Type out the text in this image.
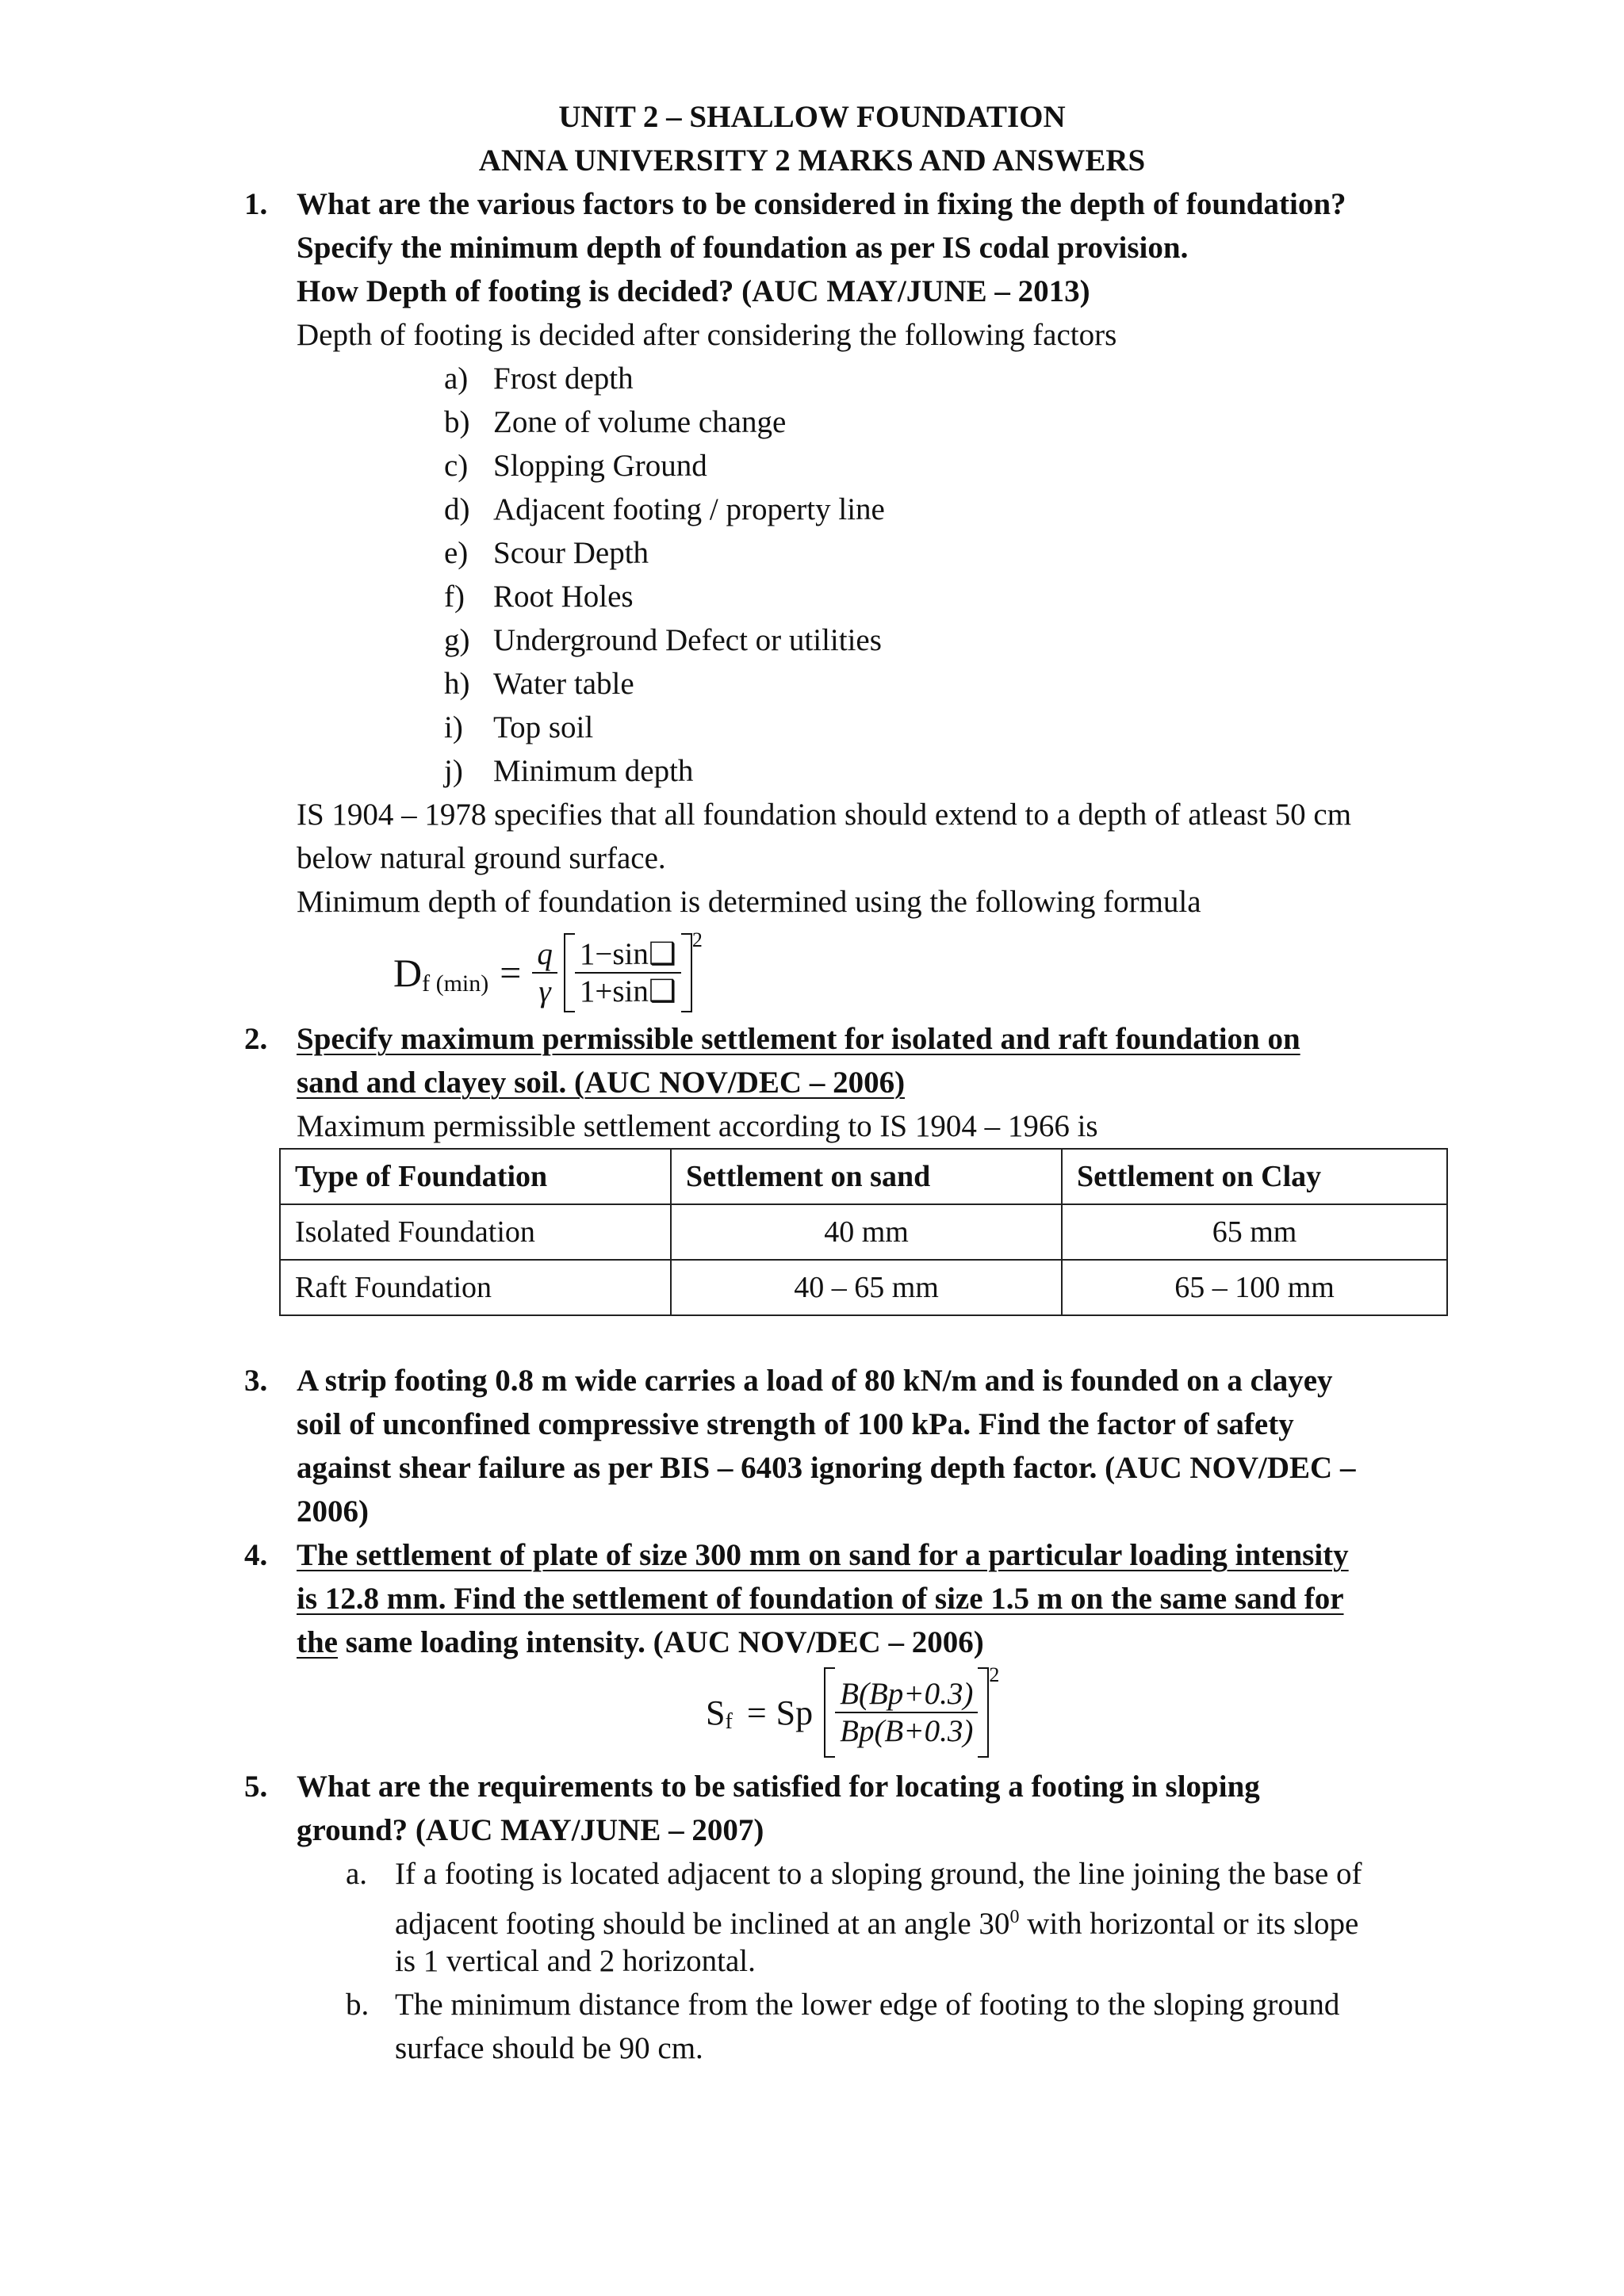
UNIT 2 – SHALLOW FOUNDATION
ANNA UNIVERSITY 2 MARKS AND ANSWERS
1. What are the various factors to be considered in fixing the depth of foundation?
Specify the minimum depth of foundation as per IS codal provision.
How Depth of footing is decided? (AUC MAY/JUNE – 2013)
Depth of footing is decided after considering the following factors
a) Frost depth
b) Zone of volume change
c) Slopping Ground
d) Adjacent footing / property line
e) Scour Depth
f) Root Holes
g) Underground Defect or utilities
h) Water table
i) Top soil
j) Minimum depth
IS 1904 – 1978 specifies that all foundation should extend to a depth of atleast 50 cm
below natural ground surface.
Minimum depth of foundation is determined using the following formula
D f $(\min) = \frac{q}{\gamma} \frac{1-\sin❑}{1+\sin❑} 2$
2. Specify maximum permissible settlement for isolated and raft foundation on
sand and clayey soil. (AUC NOV/DEC – 2006)
Maximum permissible settlement according to IS 1904 – 1966 is
Type of Foundation	Settlement on sand	Settlement on Clay
Isolated Foundation	40 mm	65 mm
Raft Foundation	40 – 65 mm	65 – 100 mm
3. A strip footing 0.8 m wide carries a load of 80 kN/m and is founded on a clayey
soil of unconfined compressive strength of 100 kPa. Find the factor of safety
against shear failure as per BIS – 6403 ignoring depth factor. (AUC NOV/DEC –
2006)
4. The settlement of plate of size 300 mm on sand for a particular loading intensity
is 12.8 mm. Find the settlement of foundation of size 1.5 m on the same sand for
the same loading intensity. (AUC NOV/DEC – 2006)
S f = Sp $\frac{B(Bp+0.3)}{Bp(B+0.3)}$
2
5. What are the requirements to be satisfied for locating a footing in sloping
ground? (AUC MAY/JUNE – 2007)
a. If a footing is located adjacent to a sloping ground, the line joining the base of
adjacent footing should be inclined at an angle $30^0$ with horizontal or its slope
is 1 vertical and 2 horizontal.
b. The minimum distance from the lower edge of footing to the sloping ground
surface should be 90 cm.
